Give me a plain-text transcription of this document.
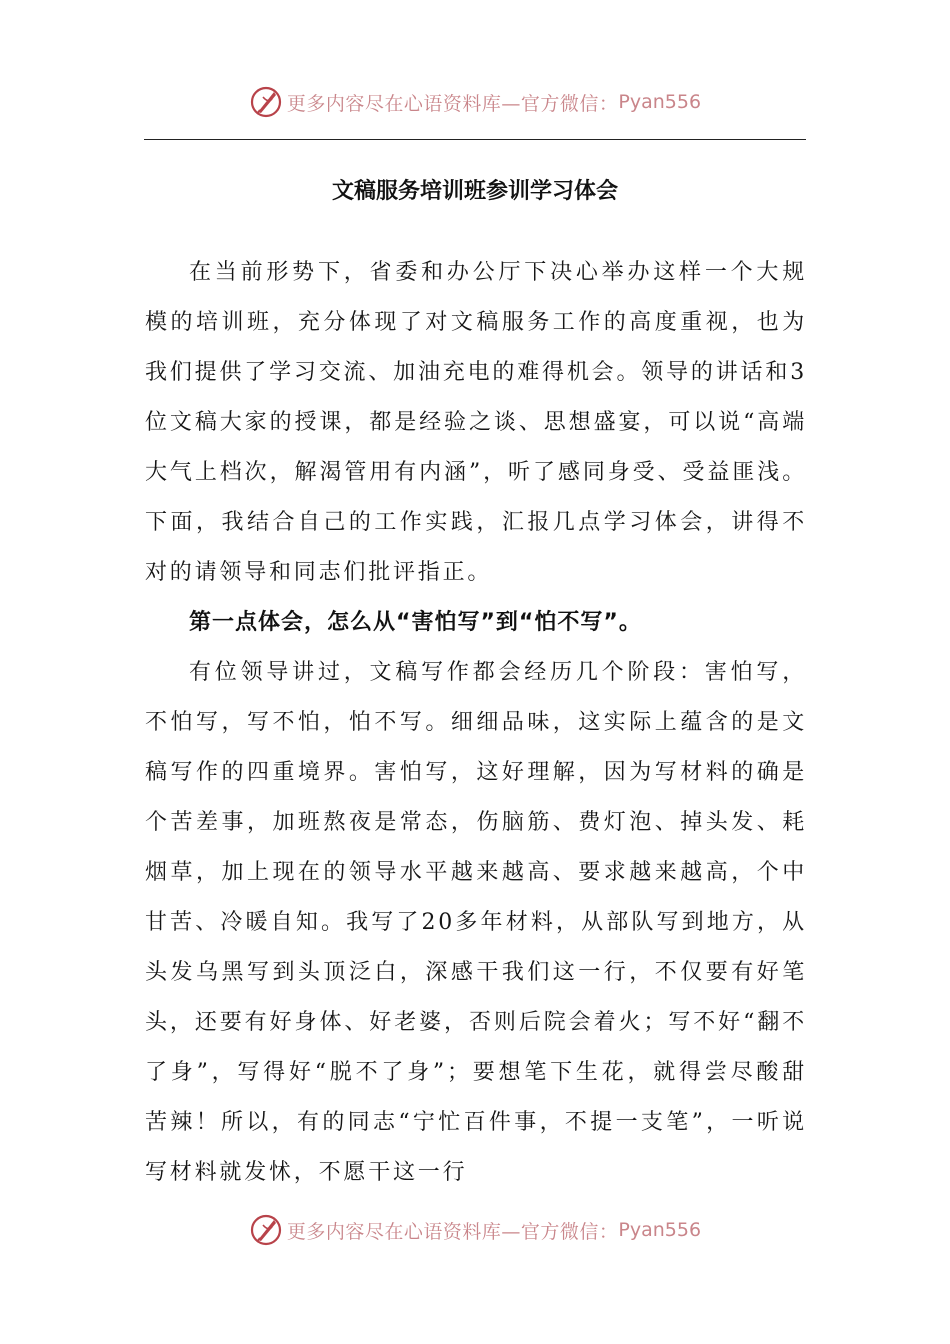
更多内容尽在心语资料库—官方微信： Pyan556
文稿服务培训班参训学习体会

在当前形势下，省委和办公厅下决心举办这样一个大规模的培训班，充分体现了对文稿服务工作的高度重视，也为我们提供了学习交流、加油充电的难得机会。领导的讲话和3位文稿大家的授课，都是经验之谈、思想盛宴，可以说“高端大气上档次，解渴管用有内涵”，听了感同身受、受益匪浅。下面，我结合自己的工作实践，汇报几点学习体会，讲得不对的请领导和同志们批评指正。

第一点体会，怎么从“害怕写”到“怕不写”。

有位领导讲过，文稿写作都会经历几个阶段：害怕写，不怕写，写不怕，怕不写。细细品味，这实际上蕴含的是文稿写作的四重境界。害怕写，这好理解，因为写材料的确是个苦差事，加班熬夜是常态，伤脑筋、费灯泡、掉头发、耗烟草，加上现在的领导水平越来越高、要求越来越高，个中甘苦、冷暖自知。我写了20多年材料，从部队写到地方，从头发乌黑写到头顶泛白，深感干我们这一行，不仅要有好笔头，还要有好身体、好老婆，否则后院会着火；写不好“翻不了身”，写得好“脱不了身”；要想笔下生花，就得尝尽酸甜苦辣！所以，有的同志“宁忙百件事，不提一支笔”，一听说写材料就发怵，不愿干这一行

更多内容尽在心语资料库—官方微信： Pyan556
